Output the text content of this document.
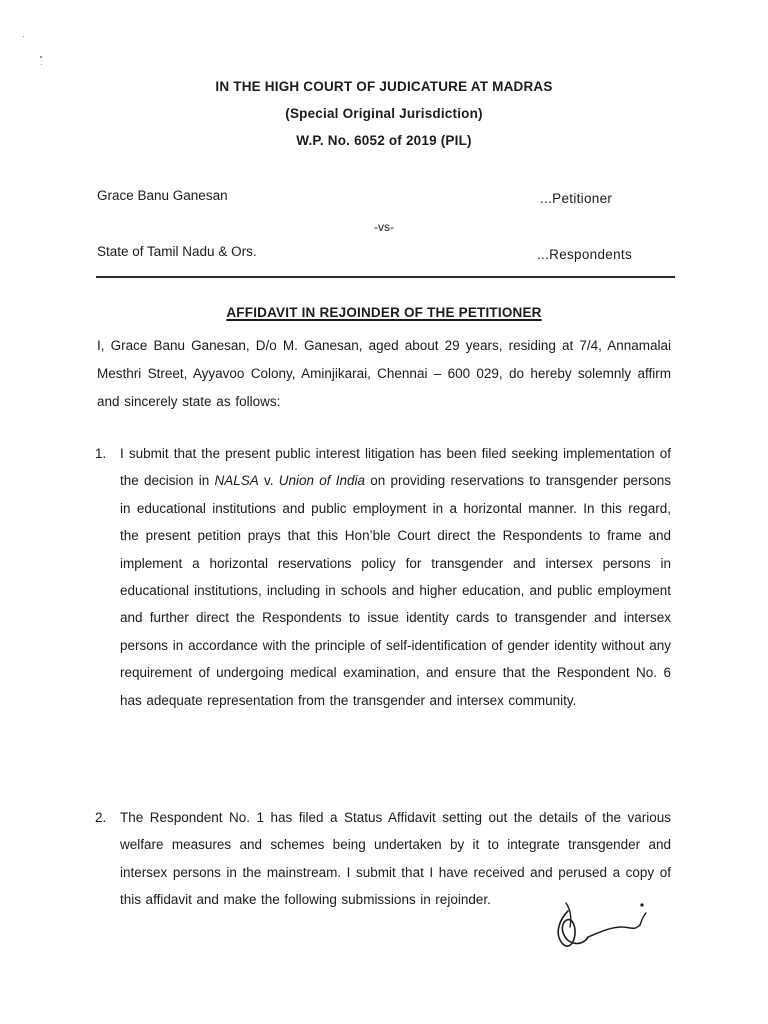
IN THE HIGH COURT OF JUDICATURE AT MADRAS
(Special Original Jurisdiction)
W.P. No. 6052 of 2019 (PIL)
Grace Banu Ganesan	...Petitioner
-vs-
State of Tamil Nadu & Ors.	...Respondents
AFFIDAVIT IN REJOINDER OF THE PETITIONER

I, Grace Banu Ganesan, D/o M. Ganesan, aged about 29 years, residing at 7/4, Annamalai Mesthri Street, Ayyavoo Colony, Aminjikarai, Chennai – 600 029, do hereby solemnly affirm and sincerely state as follows:

1. I submit that the present public interest litigation has been filed seeking implementation of the decision in NALSA v. Union of India on providing reservations to transgender persons in educational institutions and public employment in a horizontal manner. In this regard, the present petition prays that this Hon’ble Court direct the Respondents to frame and implement a horizontal reservations policy for transgender and intersex persons in educational institutions, including in schools and higher education, and public employment and further direct the Respondents to issue identity cards to transgender and intersex persons in accordance with the principle of self-identification of gender identity without any requirement of undergoing medical examination, and ensure that the Respondent No. 6 has adequate representation from the transgender and intersex community.

2. The Respondent No. 1 has filed a Status Affidavit setting out the details of the various welfare measures and schemes being undertaken by it to integrate transgender and intersex persons in the mainstream. I submit that I have received and perused a copy of this affidavit and make the following submissions in rejoinder.
